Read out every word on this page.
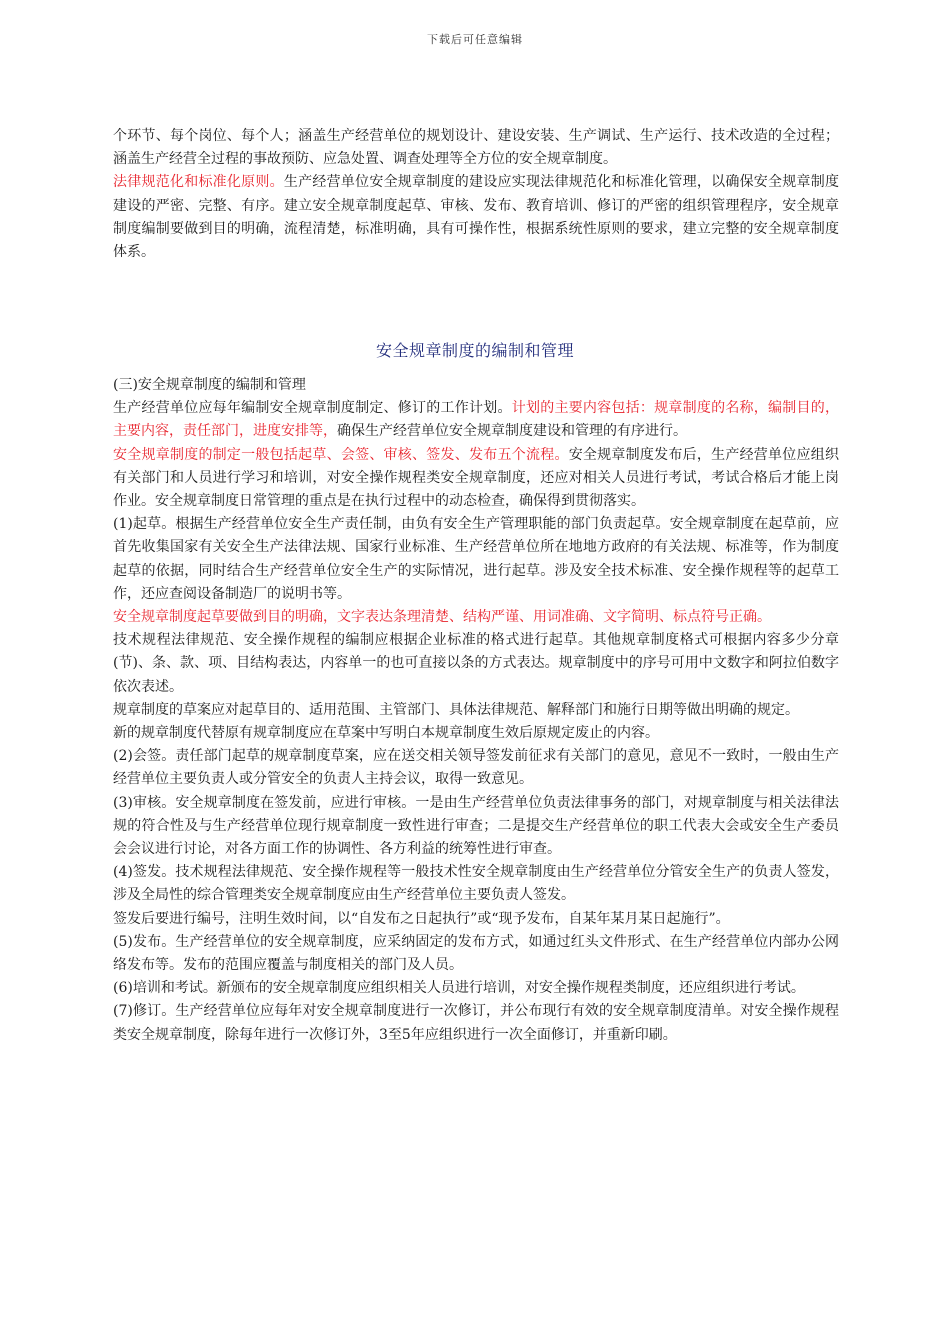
下载后可任意编辑

个环节、每个岗位、每个人；涵盖生产经营单位的规划设计、建设安装、生产调试、生产运行、技术改造的全过程；涵盖生产经营全过程的事故预防、应急处置、调查处理等全方位的安全规章制度。

法律规范化和标准化原则。生产经营单位安全规章制度的建设应实现法律规范化和标准化管理，以确保安全规章制度建设的严密、完整、有序。建立安全规章制度起草、审核、发布、教育培训、修订的严密的组织管理程序，安全规章制度编制要做到目的明确，流程清楚，标准明确，具有可操作性，根据系统性原则的要求，建立完整的安全规章制度体系。

安全规章制度的编制和管理

(三)安全规章制度的编制和管理

生产经营单位应每年编制安全规章制度制定、修订的工作计划。计划的主要内容包括：规章制度的名称，编制目的，主要内容，责任部门，进度安排等，确保生产经营单位安全规章制度建设和管理的有序进行。

安全规章制度的制定一般包括起草、会签、审核、签发、发布五个流程。安全规章制度发布后，生产经营单位应组织有关部门和人员进行学习和培训，对安全操作规程类安全规章制度，还应对相关人员进行考试，考试合格后才能上岗作业。安全规章制度日常管理的重点是在执行过程中的动态检查，确保得到贯彻落实。

(1)起草。根据生产经营单位安全生产责任制，由负有安全生产管理职能的部门负责起草。安全规章制度在起草前，应首先收集国家有关安全生产法律法规、国家行业标准、生产经营单位所在地地方政府的有关法规、标准等，作为制度起草的依据，同时结合生产经营单位安全生产的实际情况，进行起草。涉及安全技术标准、安全操作规程等的起草工作，还应查阅设备制造厂的说明书等。

安全规章制度起草要做到目的明确，文字表达条理清楚、结构严谨、用词准确、文字简明、标点符号正确。

技术规程法律规范、安全操作规程的编制应根据企业标准的格式进行起草。其他规章制度格式可根据内容多少分章(节)、条、款、项、目结构表达，内容单一的也可直接以条的方式表达。规章制度中的序号可用中文数字和阿拉伯数字依次表述。

规章制度的草案应对起草目的、适用范围、主管部门、具体法律规范、解释部门和施行日期等做出明确的规定。

新的规章制度代替原有规章制度应在草案中写明白本规章制度生效后原规定废止的内容。

(2)会签。责任部门起草的规章制度草案，应在送交相关领导签发前征求有关部门的意见，意见不一致时，一般由生产经营单位主要负责人或分管安全的负责人主持会议，取得一致意见。

(3)审核。安全规章制度在签发前，应进行审核。一是由生产经营单位负责法律事务的部门，对规章制度与相关法律法规的符合性及与生产经营单位现行规章制度一致性进行审查；二是提交生产经营单位的职工代表大会或安全生产委员会会议进行讨论，对各方面工作的协调性、各方利益的统筹性进行审查。

(4)签发。技术规程法律规范、安全操作规程等一般技术性安全规章制度由生产经营单位分管安全生产的负责人签发，涉及全局性的综合管理类安全规章制度应由生产经营单位主要负责人签发。

签发后要进行编号，注明生效时间，以“自发布之日起执行”或“现予发布，自某年某月某日起施行”。

(5)发布。生产经营单位的安全规章制度，应采纳固定的发布方式，如通过红头文件形式、在生产经营单位内部办公网络发布等。发布的范围应覆盖与制度相关的部门及人员。

(6)培训和考试。新颁布的安全规章制度应组织相关人员进行培训，对安全操作规程类制度，还应组织进行考试。

(7)修订。生产经营单位应每年对安全规章制度进行一次修订，并公布现行有效的安全规章制度清单。对安全操作规程类安全规章制度，除每年进行一次修订外，3至5年应组织进行一次全面修订，并重新印刷。
